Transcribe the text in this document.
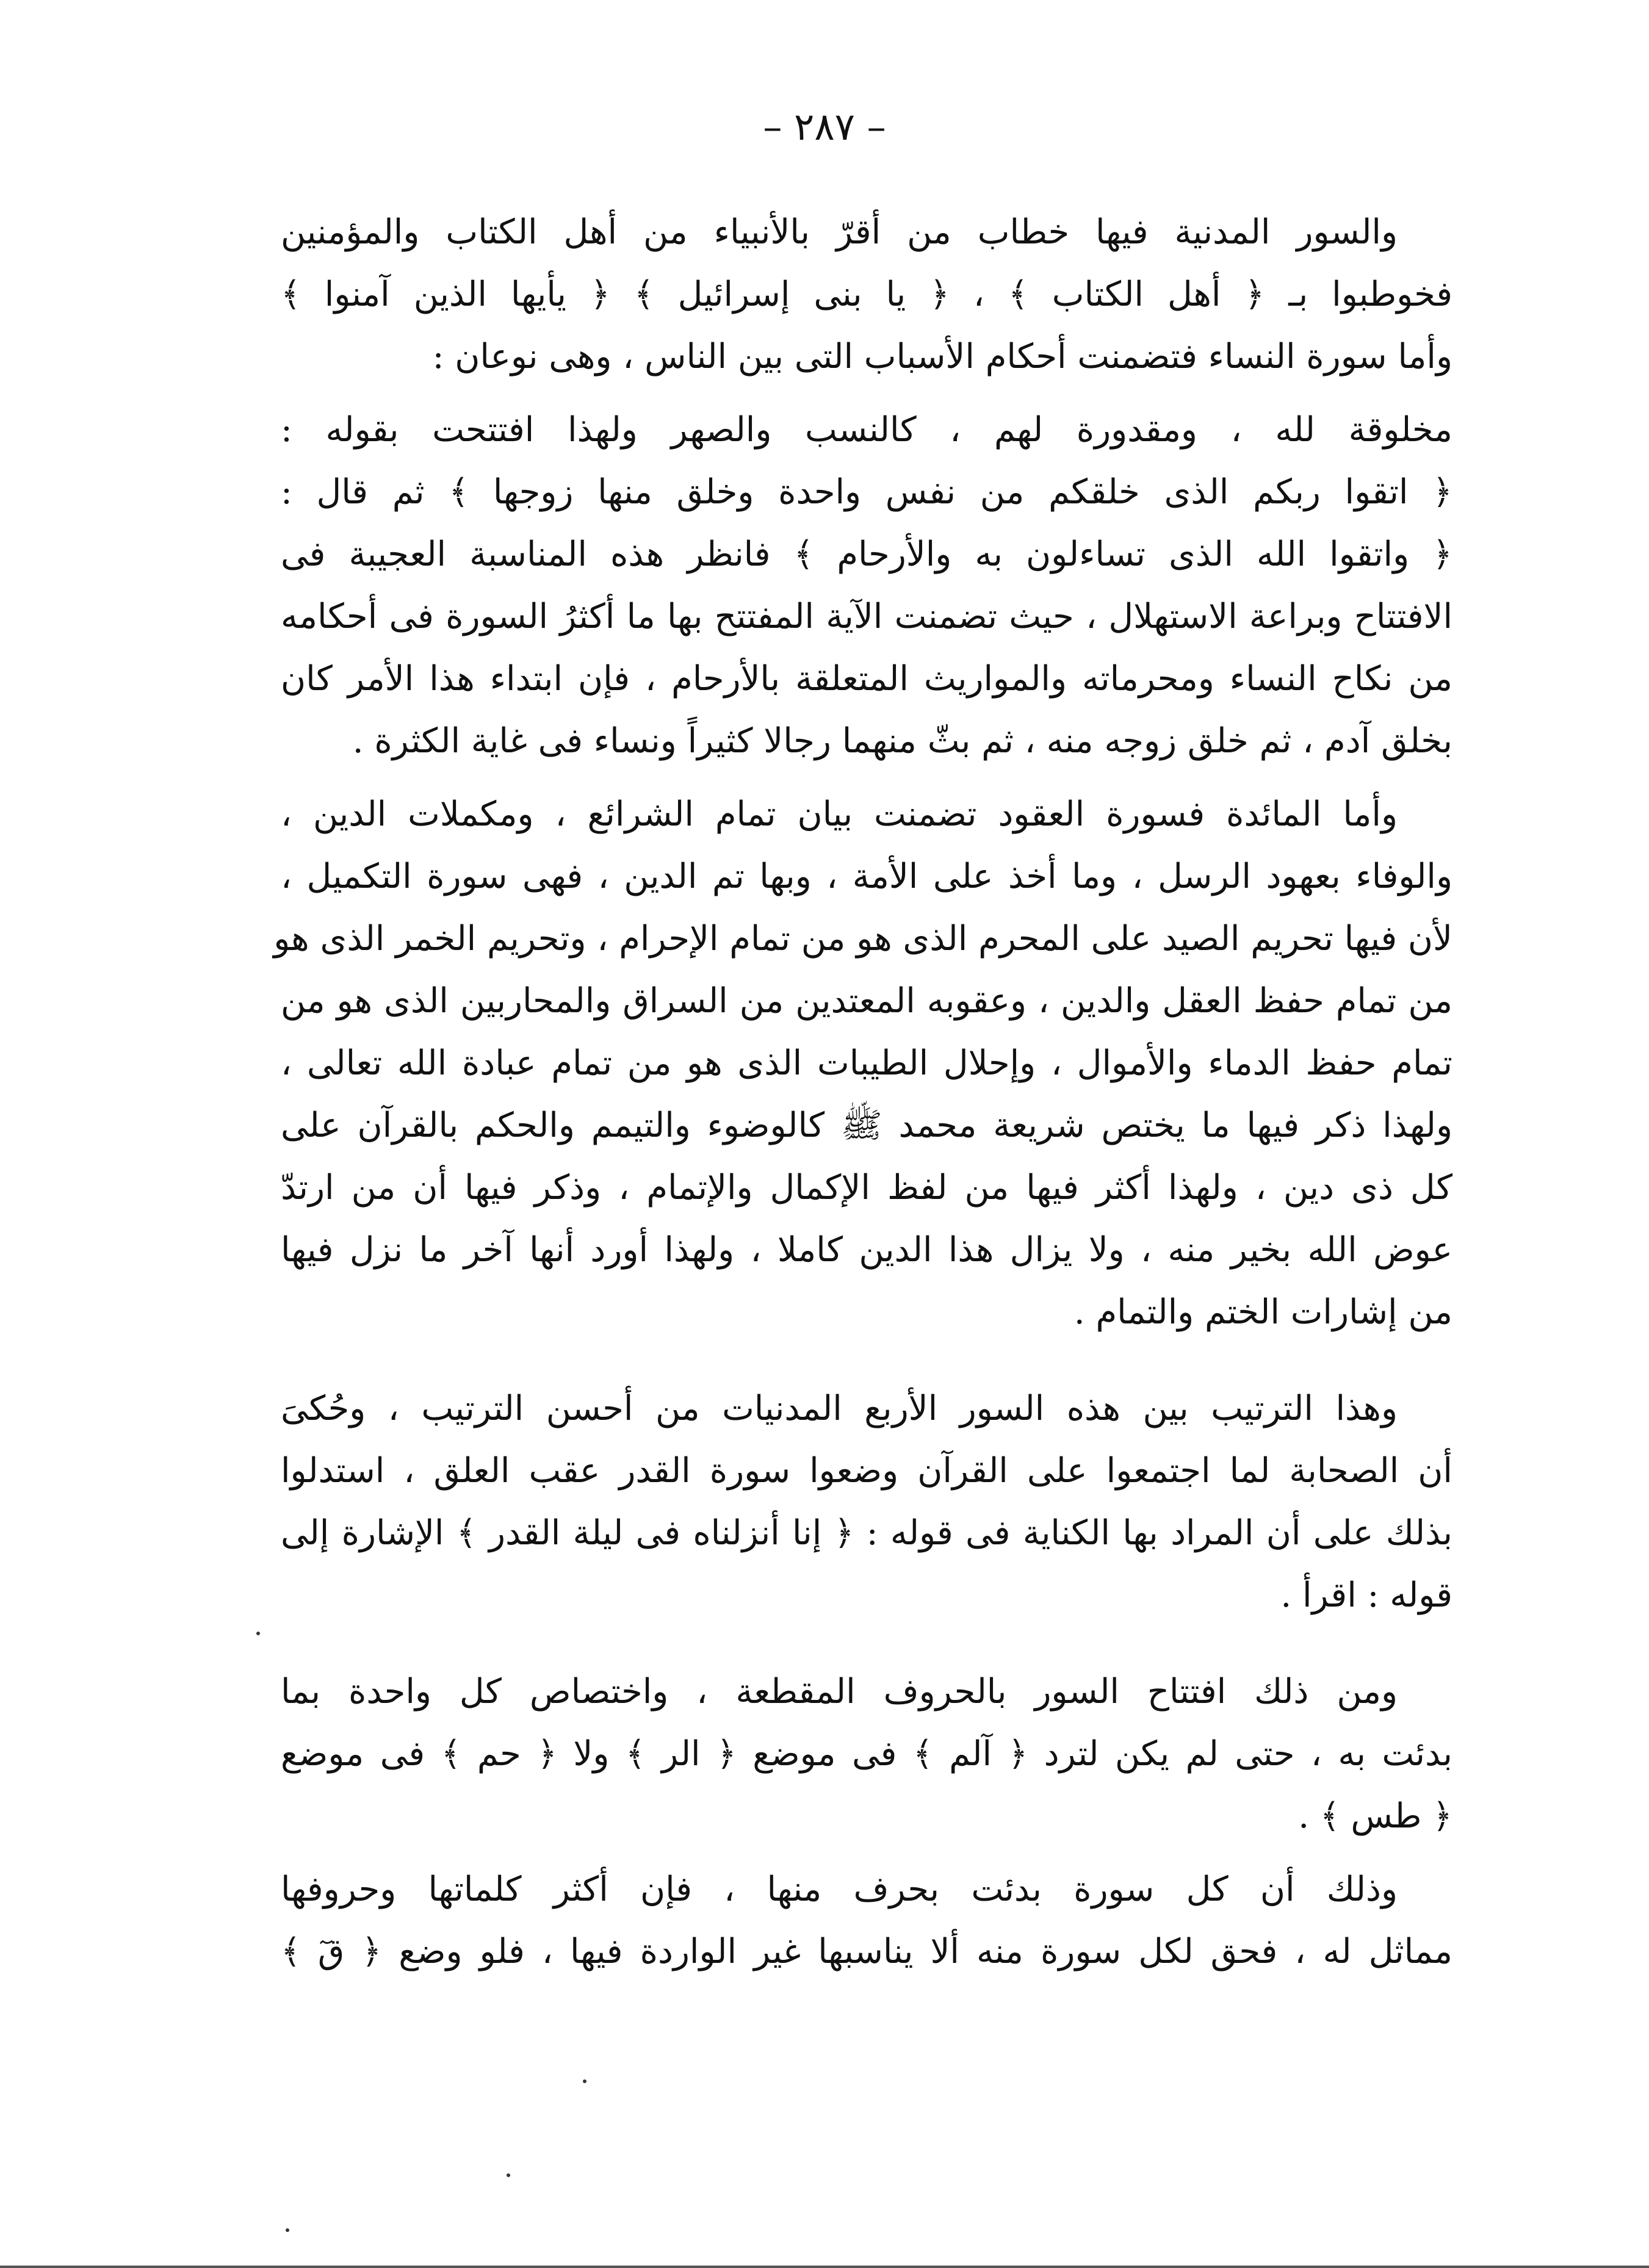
– ٢٨٧ –
والسور المدنية فيها خطاب من أقرّ بالأنبياء من أهل الكتاب والمؤمنين
فخوطبوا بـ ﴿ أهل الكتاب ﴾ ، ﴿ يا بنى إسرائيل ﴾ ﴿ يأيها الذين آمنوا ﴾
وأما سورة النساء فتضمنت أحكام الأسباب التى بين الناس ، وهى نوعان :
مخلوقة لله ، ومقدورة لهم ، كالنسب والصهر ولهذا افتتحت بقوله :
﴿ اتقوا ربكم الذى خلقكم من نفس واحدة وخلق منها زوجها ﴾ ثم قال :
﴿ واتقوا الله الذى تساءلون به والأرحام ﴾ فانظر هذه المناسبة العجيبة فى
الافتتاح وبراعة الاستهلال ، حيث تضمنت الآية المفتتح بها ما أكثرُ السورة فى أحكامه
من نكاح النساء ومحرماته والمواريث المتعلقة بالأرحام ، فإن ابتداء هذا الأمر كان
بخلق آدم ، ثم خلق زوجه منه ، ثم بثّ منهما رجالا كثيراً ونساء فى غاية الكثرة .
وأما المائدة فسورة العقود تضمنت بيان تمام الشرائع ، ومكملات الدين ،
والوفاء بعهود الرسل ، وما أخذ على الأمة ، وبها تم الدين ، فهى سورة التكميل ،
لأن فيها تحريم الصيد على المحرم الذى هو من تمام الإحرام ، وتحريم الخمر الذى هو
من تمام حفظ العقل والدين ، وعقوبه المعتدين من السراق والمحاربين الذى هو من
تمام حفظ الدماء والأموال ، وإحلال الطيبات الذى هو من تمام عبادة الله تعالى ،
ولهذا ذكر فيها ما يختص شريعة محمد ﷺ كالوضوء والتيمم والحكم بالقرآن على
كل ذى دين ، ولهذا أكثر فيها من لفظ الإكمال والإتمام ، وذكر فيها أن من ارتدّ
عوض الله بخير منه ، ولا يزال هذا الدين كاملا ، ولهذا أورد أنها آخر ما نزل فيها
من إشارات الختم والتمام .
وهذا الترتيب بين هذه السور الأربع المدنيات من أحسن الترتيب ، وحُكىَ
أن الصحابة لما اجتمعوا على القرآن وضعوا سورة القدر عقب العلق ، استدلوا
بذلك على أن المراد بها الكناية فى قوله : ﴿ إنا أنزلناه فى ليلة القدر ﴾ الإشارة إلى
قوله : اقرأ .
ومن ذلك افتتاح السور بالحروف المقطعة ، واختصاص كل واحدة بما
بدئت به ، حتى لم يكن لترد ﴿ آلم ﴾ فى موضع ﴿ الر ﴾ ولا ﴿ حم ﴾ فى موضع
﴿ طس ﴾ .
وذلك أن كل سورة بدئت بحرف منها ، فإن أكثر كلماتها وحروفها
مماثل له ، فحق لكل سورة منه ألا يناسبها غير الواردة فيها ، فلو وضع ﴿ قٓ ﴾
